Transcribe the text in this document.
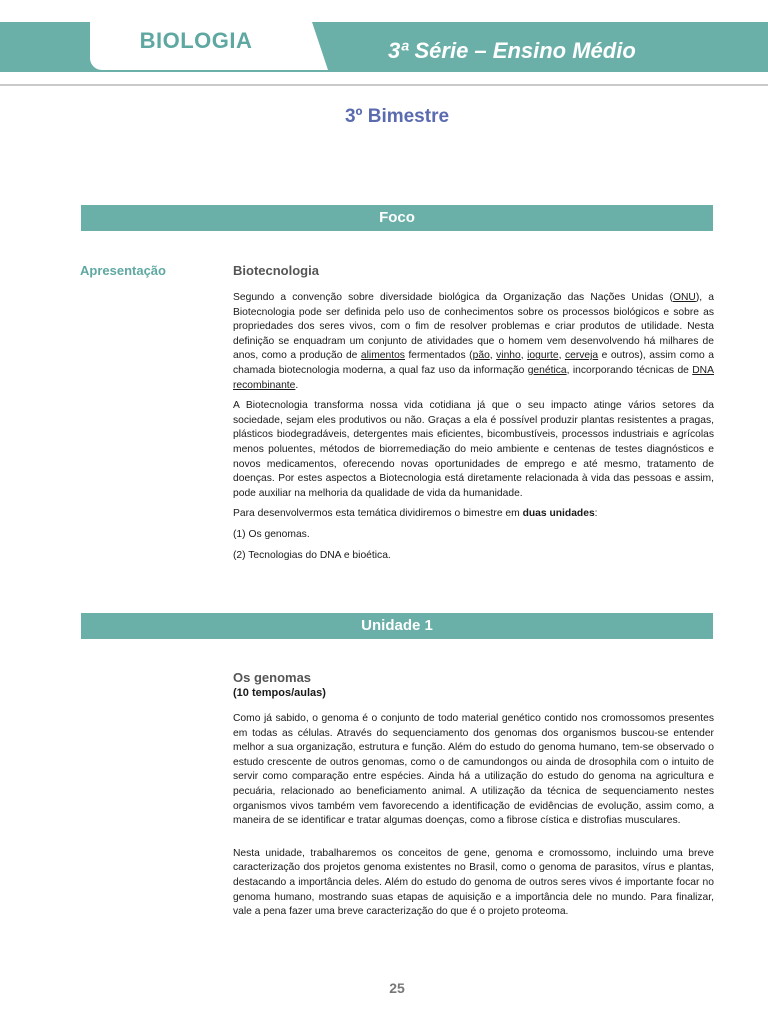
BIOLOGIA	3ª Série – Ensino Médio
3º Bimestre
Foco
Apresentação	Biotecnologia

Segundo a convenção sobre diversidade biológica da Organização das Nações Unidas (ONU), a Biotecnologia pode ser definida pelo uso de conhecimentos sobre os processos biológicos e sobre as propriedades dos seres vivos, com o fim de resolver problemas e criar produtos de utilidade. Nesta definição se enquadram um conjunto de atividades que o homem vem desenvolvendo há milhares de anos, como a produção de alimentos fermentados (pão, vinho, iogurte, cerveja e outros), assim como a chamada biotecnologia moderna, a qual faz uso da informação genética, incorporando técnicas de DNA recombinante.

A Biotecnologia transforma nossa vida cotidiana já que o seu impacto atinge vários setores da sociedade, sejam eles produtivos ou não. Graças a ela é possível produzir plantas resistentes a pragas, plásticos biodegradáveis, detergentes mais eficientes, bicombustíveis, processos industriais e agrícolas menos poluentes, métodos de biorremediação do meio ambiente e centenas de testes diagnósticos e novos medicamentos, oferecendo novas oportunidades de emprego e até mesmo, tratamento de doenças. Por estes aspectos a Biotecnologia está diretamente relacionada à vida das pessoas e assim, pode auxiliar na melhoria da qualidade de vida da humanidade.

Para desenvolvermos esta temática dividiremos o bimestre em duas unidades:

(1) Os genomas.

(2) Tecnologias do DNA e bioética.

Unidade 1
Os genomas
(10 tempos/aulas)

Como já sabido, o genoma é o conjunto de todo material genético contido nos cromossomos presentes em todas as células. Através do sequenciamento dos genomas dos organismos buscou-se entender melhor a sua organização, estrutura e função. Além do estudo do genoma humano, tem-se observado o estudo crescente de outros genomas, como o de camundongos ou ainda de drosophila com o intuito de servir como comparação entre espécies. Ainda há a utilização do estudo do genoma na agricultura e pecuária, relacionado ao beneficiamento animal. A utilização da técnica de sequenciamento nestes organismos vivos também vem favorecendo a identificação de evidências de evolução, assim como, a maneira de se identificar e tratar algumas doenças, como a fibrose cística e distrofias musculares.

Nesta unidade, trabalharemos os conceitos de gene, genoma e cromossomo, incluindo uma breve caracterização dos projetos genoma existentes no Brasil, como o genoma de parasitos, vírus e plantas, destacando a importância deles. Além do estudo do genoma de outros seres vivos é importante focar no genoma humano, mostrando suas etapas de aquisição e a importância dele no mundo. Para finalizar, vale a pena fazer uma breve caracterização do que é o projeto proteoma.

25
